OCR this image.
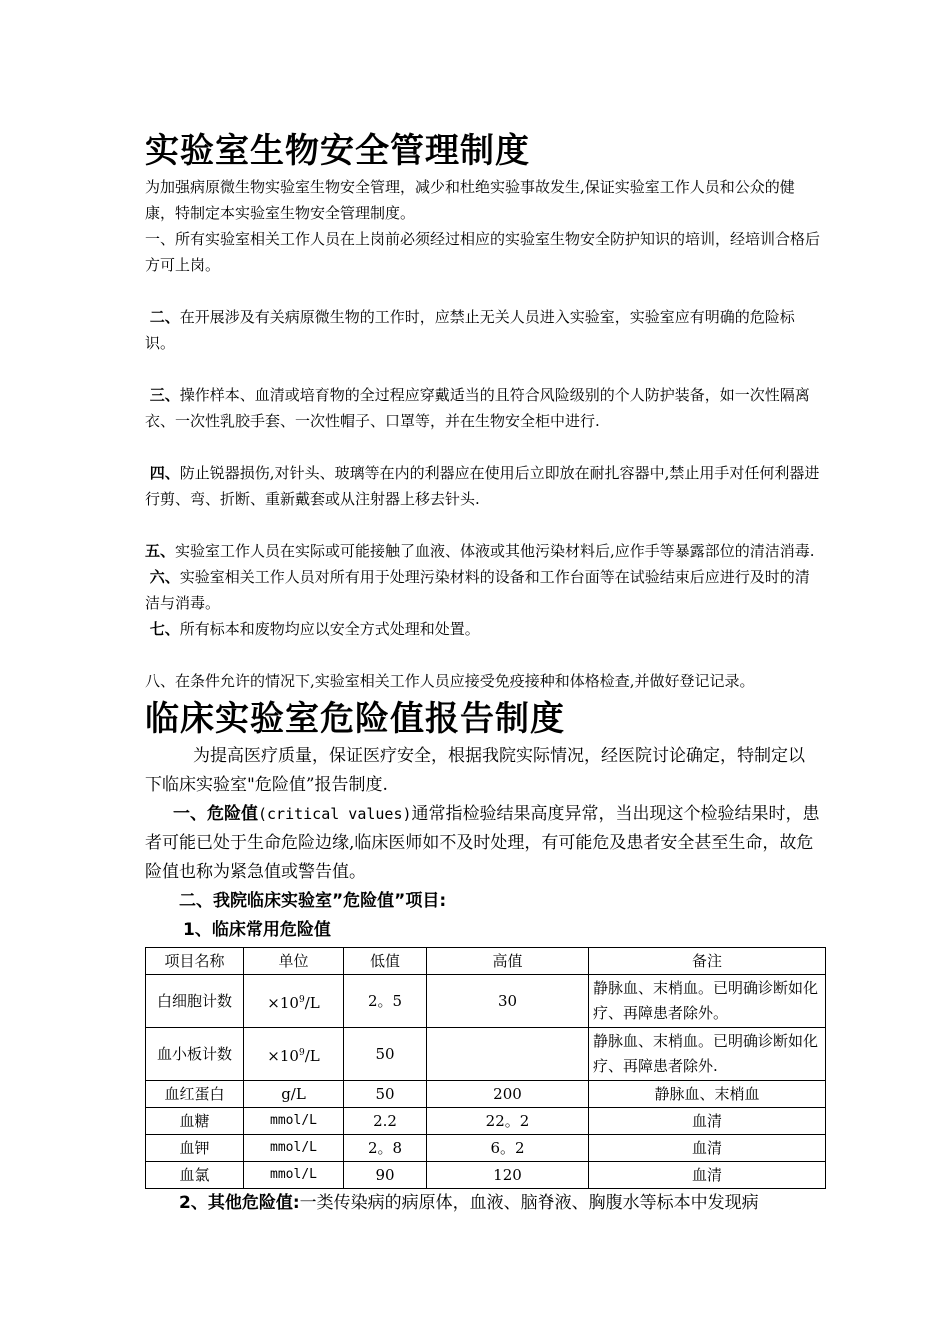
实验室生物安全管理制度

为加强病原微生物实验室生物安全管理，减少和杜绝实验事故发生,保证实验室工作人员和公众的健康，特制定本实验室生物安全管理制度。

一、所有实验室相关工作人员在上岗前必须经过相应的实验室生物安全防护知识的培训，经培训合格后方可上岗。

二、在开展涉及有关病原微生物的工作时，应禁止无关人员进入实验室，实验室应有明确的危险标识。

三、操作样本、血清或培育物的全过程应穿戴适当的且符合风险级别的个人防护装备，如一次性隔离衣、一次性乳胶手套、一次性帽子、口罩等，并在生物安全柜中进行.

四、防止锐器损伤,对针头、玻璃等在内的利器应在使用后立即放在耐扎容器中,禁止用手对任何利器进行剪、弯、折断、重新戴套或从注射器上移去针头.

五、实验室工作人员在实际或可能接触了血液、体液或其他污染材料后,应作手等暴露部位的清洁消毒.

六、实验室相关工作人员对所有用于处理污染材料的设备和工作台面等在试验结束后应进行及时的清洁与消毒。

七、所有标本和废物均应以安全方式处理和处置。

八、在条件允许的情况下,实验室相关工作人员应接受免疫接种和体格检查,并做好登记记录。

临床实验室危险值报告制度

为提高医疗质量，保证医疗安全，根据我院实际情况，经医院讨论确定，特制定以下临床实验室"危险值”报告制度.

一、危险值(critical values)通常指检验结果高度异常，当出现这个检验结果时，患者可能已处于生命危险边缘,临床医师如不及时处理，有可能危及患者安全甚至生命，故危险值也称为紧急值或警告值。

二、我院临床实验室”危险值”项目:

1、临床常用危险值

项目名称	单位	低值	高值	备注
白细胞计数	$\times 10^9/L$	2。5	30	静脉血、末梢血。已明确诊断如化疗、再障患者除外。
血小板计数	$\times 10^9/L$	50		静脉血、末梢血。已明确诊断如化疗、再障患者除外.
血红蛋白	g/L	50	200	静脉血、末梢血
血糖	mmol/L	2.2	22。2	血清
血钾	mmol/L	2。8	6。2	血清
血氯	mmol/L	90	120	血清

2、其他危险值:一类传染病的病原体，血液、脑脊液、胸腹水等标本中发现病
